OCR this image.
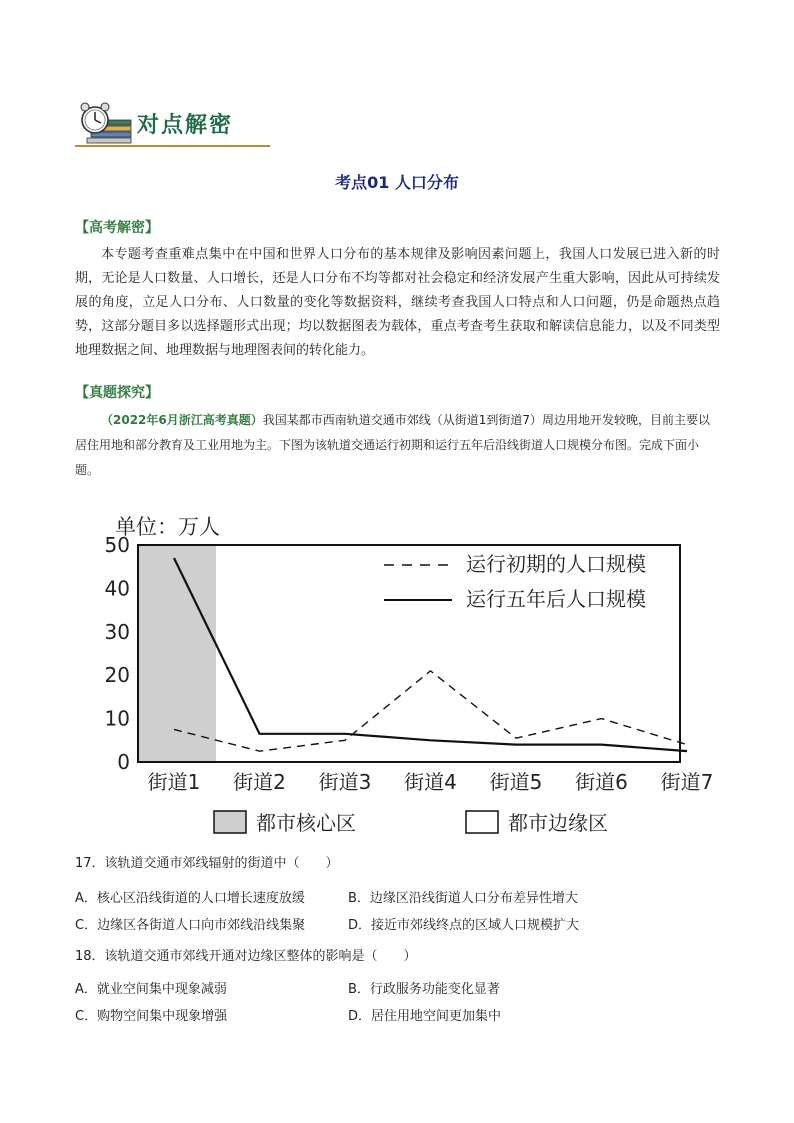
对点解密
考点01 人口分布
【高考解密】
本专题考查重难点集中在中国和世界人口分布的基本规律及影响因素问题上，我国人口发展已进入新的时期，无论是人口数量、人口增长，还是人口分布不均等都对社会稳定和经济发展产生重大影响，因此从可持续发展的角度，立足人口分布、人口数量的变化等数据资料，继续考查我国人口特点和人口问题，仍是命题热点趋势，这部分题目多以选择题形式出现；均以数据图表为载体，重点考查考生获取和解读信息能力，以及不同类型地理数据之间、地理数据与地理图表间的转化能力。
【真题探究】
（2022年6月浙江高考真题）我国某都市西南轨道交通市郊线（从街道1到街道7）周边用地开发较晚，目前主要以居住用地和部分教育及工业用地为主。下图为该轨道交通运行初期和运行五年后沿线街道人口规模分布图。完成下面小题。
单位：万人
0
10
20
30
40
50
街道1 街道2 街道3 街道4 街道5 街道6 街道7
运行初期的人口规模
运行五年后人口规模
都市核心区	都市边缘区
17．该轨道交通市郊线辐射的街道中（　　）
A．核心区沿线街道的人口增长速度放缓	B．边缘区沿线街道人口分布差异性增大
C．边缘区各街道人口向市郊线沿线集聚	D．接近市郊线终点的区域人口规模扩大
18．该轨道交通市郊线开通对边缘区整体的影响是（　　）
A．就业空间集中现象减弱	B．行政服务功能变化显著
C．购物空间集中现象增强	D．居住用地空间更加集中
